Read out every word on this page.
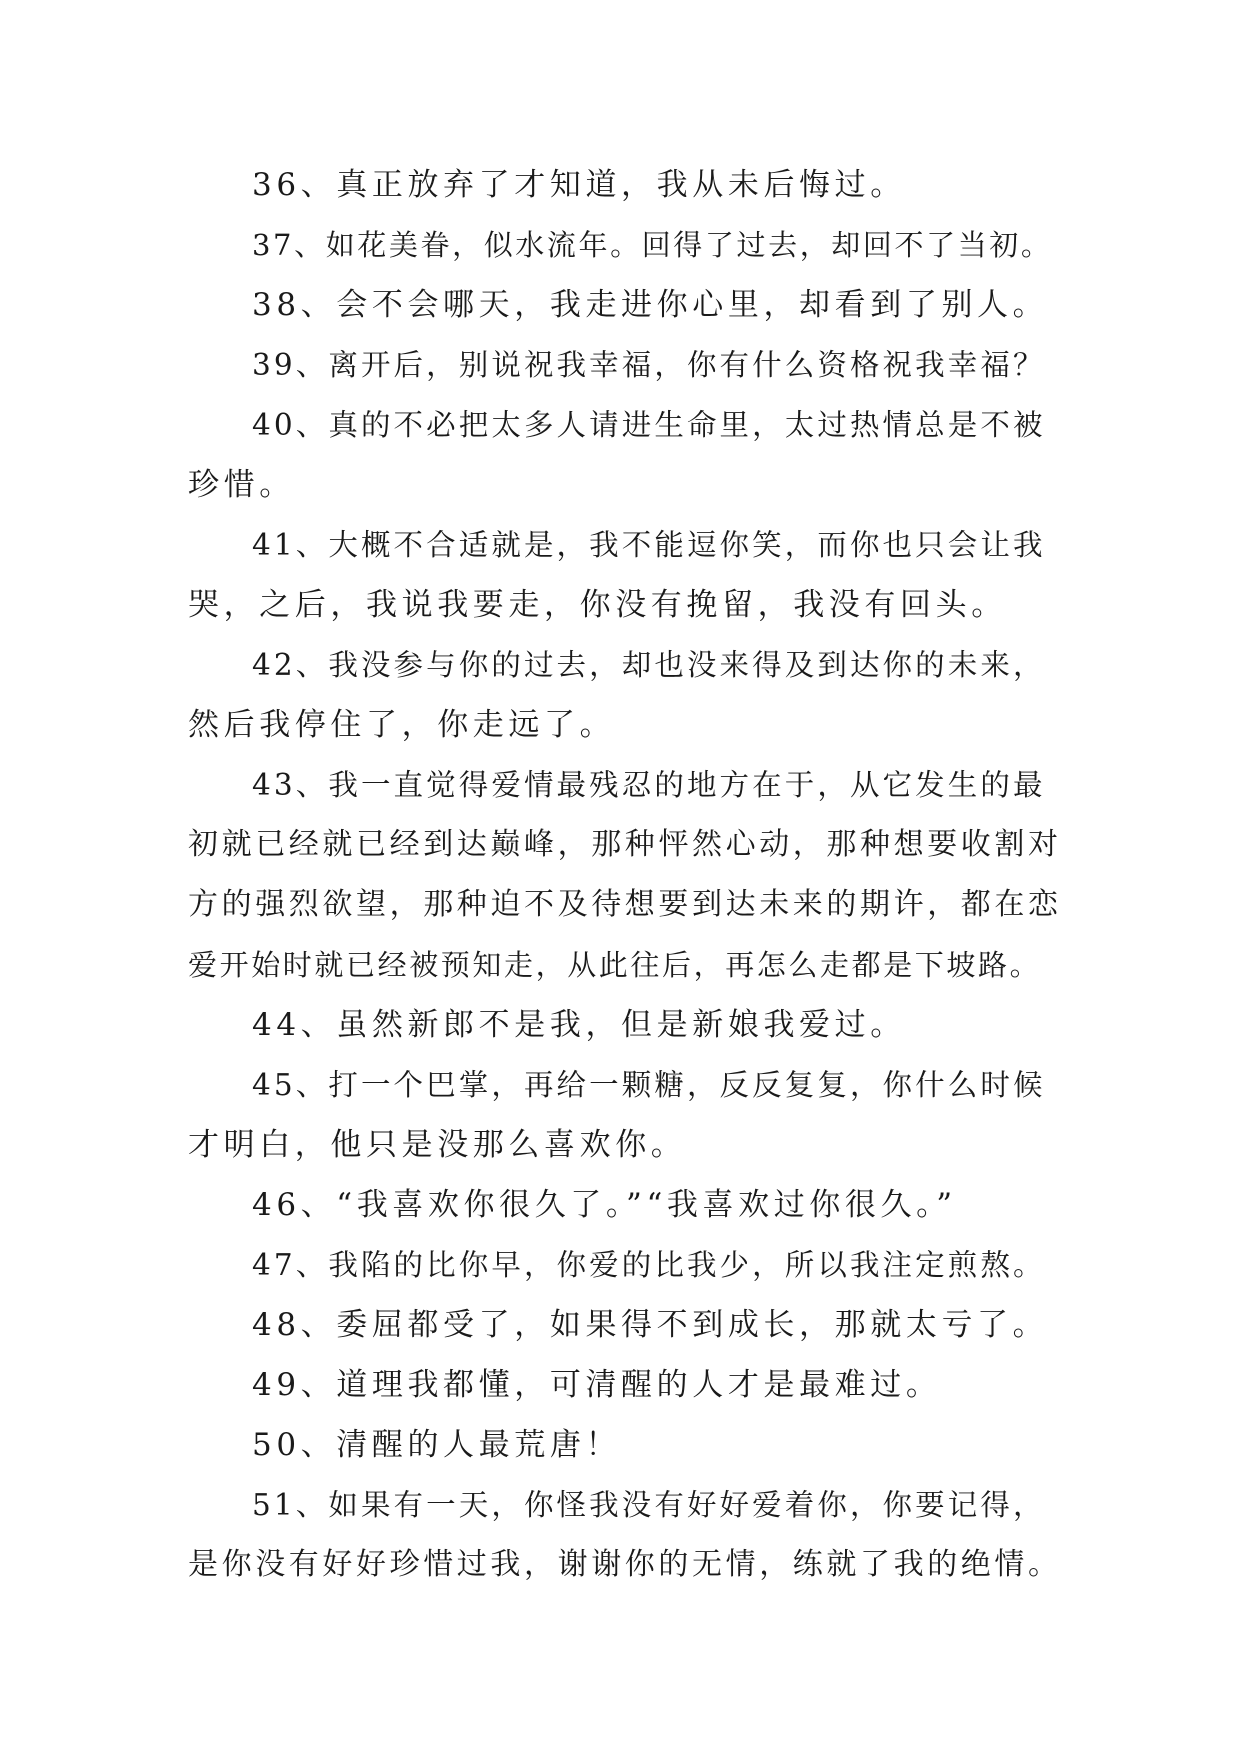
36、真正放弃了才知道，我从未后悔过。
37、如花美眷，似水流年。回得了过去，却回不了当初。
38、会不会哪天，我走进你心里，却看到了别人。
39、离开后，别说祝我幸福，你有什么资格祝我幸福？
40、真的不必把太多人请进生命里，太过热情总是不被
珍惜。
41、大概不合适就是，我不能逗你笑，而你也只会让我
哭，之后，我说我要走，你没有挽留，我没有回头。
42、我没参与你的过去，却也没来得及到达你的未来，
然后我停住了，你走远了。
43、我一直觉得爱情最残忍的地方在于，从它发生的最
初就已经就已经到达巅峰，那种怦然心动，那种想要收割对
方的强烈欲望，那种迫不及待想要到达未来的期许，都在恋
爱开始时就已经被预知走，从此往后，再怎么走都是下坡路。
44、虽然新郎不是我，但是新娘我爱过。
45、打一个巴掌，再给一颗糖，反反复复，你什么时候
才明白，他只是没那么喜欢你。
46、“我喜欢你很久了。”“我喜欢过你很久。”
47、我陷的比你早，你爱的比我少，所以我注定煎熬。
48、委屈都受了，如果得不到成长，那就太亏了。
49、道理我都懂，可清醒的人才是最难过。
50、清醒的人最荒唐！
51、如果有一天，你怪我没有好好爱着你，你要记得，
是你没有好好珍惜过我，谢谢你的无情，练就了我的绝情。
